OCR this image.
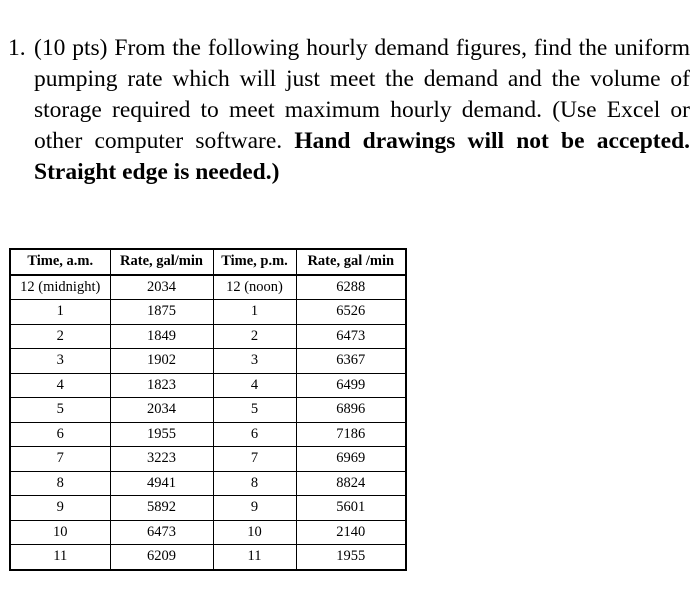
1. (10 pts) From the following hourly demand figures, find the uniform pumping rate which will just meet the demand and the volume of storage required to meet maximum hourly demand. (Use Excel or other computer software. Hand drawings will not be accepted. Straight edge is needed.)
Time, a.m.	Rate, gal/min	Time, p.m.	Rate, gal /min
12 (midnight)	2034	12 (noon)	6288
1	1875	1	6526
2	1849	2	6473
3	1902	3	6367
4	1823	4	6499
5	2034	5	6896
6	1955	6	7186
7	3223	7	6969
8	4941	8	8824
9	5892	9	5601
10	6473	10	2140
11	6209	11	1955
